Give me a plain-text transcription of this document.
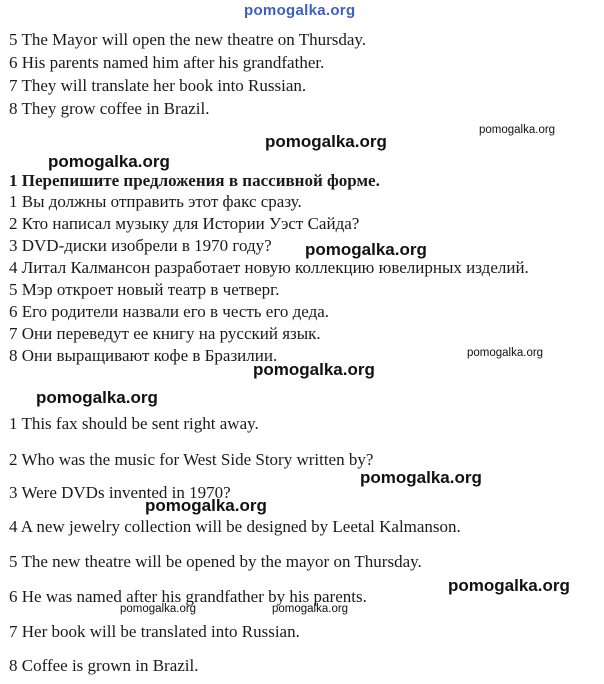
pomogalka.org
pomogalka.org
pomogalka.org
pomogalka.org
pomogalka.org
pomogalka.org
pomogalka.org
pomogalka.org
pomogalka.org
pomogalka.org
pomogalka.org
pomogalka.org	pomogalka.org
5 The Mayor will open the new theatre on Thursday.
6 His parents named him after his grandfather.
7 They will translate her book into Russian.
8 They grow coffee in Brazil.
1 Перепишите предложения в пассивной форме.
1 Вы должны отправить этот факс сразу.
2 Кто написал музыку для Истории Уэст Сайда?
3 DVD-диски изобрели в 1970 году?
4 Литал Калмансон разработает новую коллекцию ювелирных изделий.
5 Мэр откроет новый театр в четверг.
6 Его родители назвали его в честь его деда.
7 Они переведут ее книгу на русский язык.
8 Они выращивают кофе в Бразилии.
1 This fax should be sent right away.
2 Who was the music for West Side Story written by?
3 Were DVDs invented in 1970?
4 A new jewelry collection will be designed by Leetal Kalmanson.
5 The new theatre will be opened by the mayor on Thursday.
6 He was named after his grandfather by his parents.
7 Her book will be translated into Russian.
8 Coffee is grown in Brazil.
